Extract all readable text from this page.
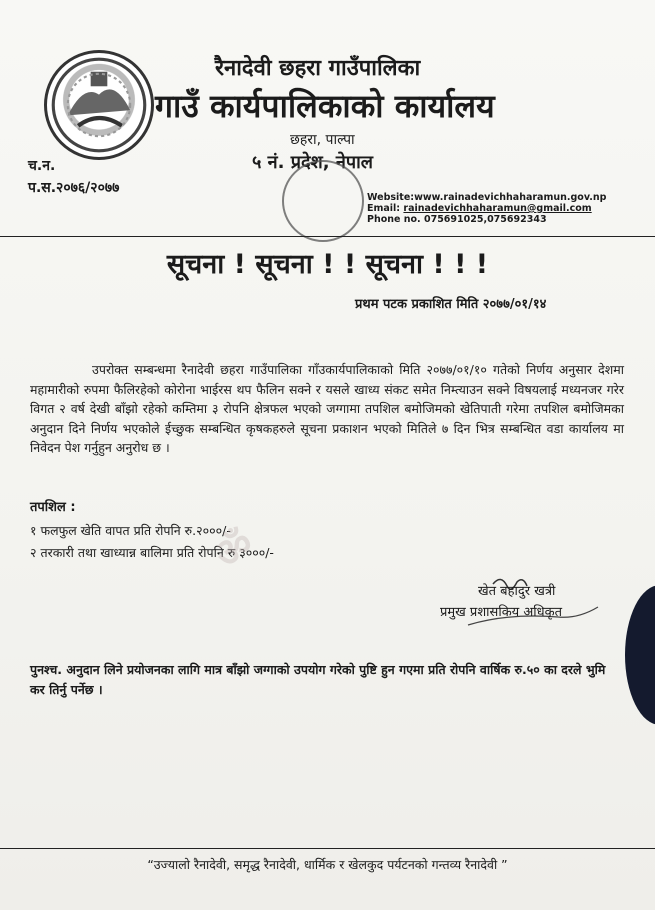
रैनादेवी छहरा गाउँपालिका
गाउँ कार्यपालिकाको कार्यालय
छहरा, पाल्पा
५ नं. प्रदेश, नेपाल
च.न.
प.स.२०७६/२०७७
Website:www.rainadevichhaharamun.gov.np
Email: rainadevichhaharamun@gmail.com
Phone no. 075691025,075692343
सूचना ! सूचना ! ! सूचना ! ! !
प्रथम पटक प्रकाशित मिति २०७७/०१/१४
उपरोक्त सम्बन्धमा रैनादेवी छहरा गाउँपालिका गाँउकार्यपालिकाको मिति २०७७/०१/१० गतेको निर्णय अनुसार देशमा महामारीको रुपमा फैलिरहेको कोरोना भाईरस थप फैलिन सक्ने र यसले खाध्य संकट समेत निम्त्याउन सक्ने विषयलाई मध्यनजर गरेर विगत २ वर्ष देखी बाँझो रहेको कम्तिमा ३ रोपनि क्षेत्रफल भएको जग्गामा तपशिल बमोजिमको खेतिपाती गरेमा तपशिल बमोजिमका अनुदान दिने निर्णय भएकोले ईच्छुक सम्बन्धित कृषकहरुले सूचना प्रकाशन भएको मितिले ७ दिन भित्र सम्बन्धित वडा कार्यालय मा निवेदन पेश गर्नुहुन अनुरोध छ ।
तपशिल :
१ फलफुल खेति वापत प्रति रोपनि रु.२०००/-
२ तरकारी तथा खाध्यान्न बालिमा प्रति रोपनि रु ३०००/-
ॐ
खेत बहादुर खत्री
प्रमुख प्रशासकिय अधिकृत
पुनश्च. अनुदान लिने प्रयोजनका लागि मात्र बाँझो जग्गाको उपयोग गरेको पुष्टि हुन गएमा प्रति रोपनि वार्षिक रु.५० का दरले भुमि कर तिर्नु पर्नेछ ।
“उज्यालो रैनादेवी, समृद्ध रैनादेवी, धार्मिक र खेलकुद पर्यटनको गन्तव्य रैनादेवी ”
